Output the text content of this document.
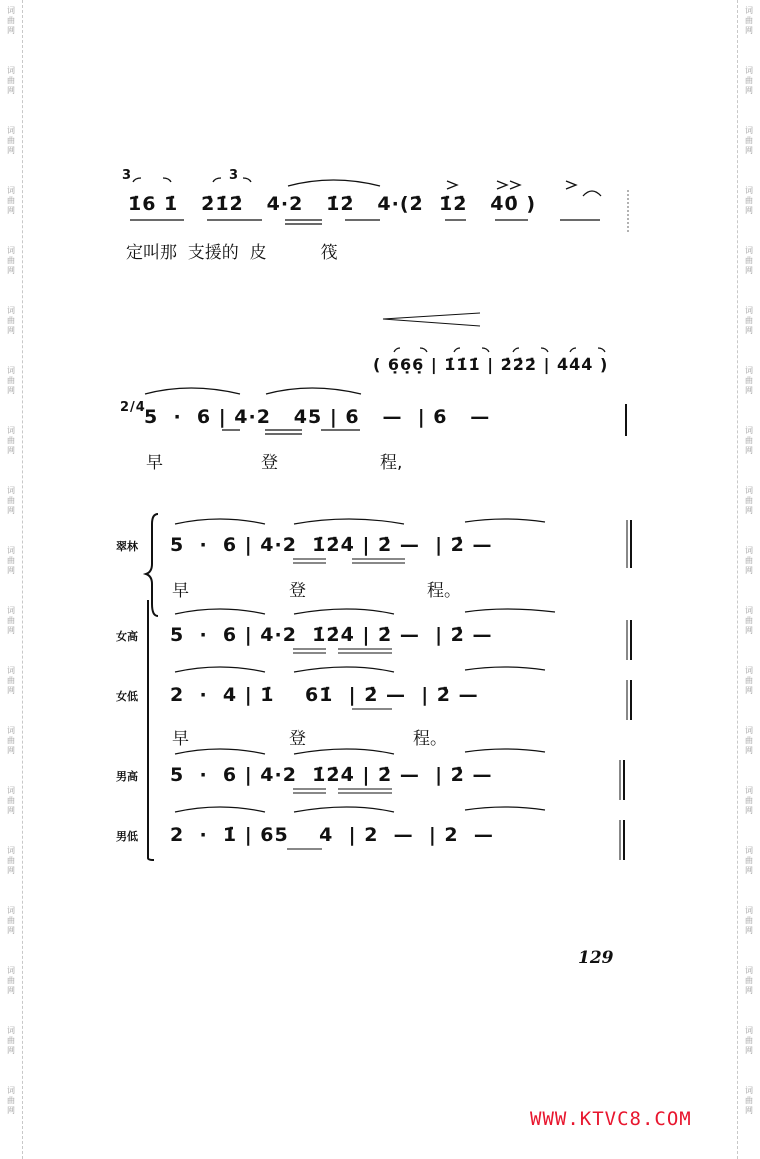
3	3
1̇6 1̇   2̇1̇2̇   4·2   1̇2̇   4·(2̇  1̇2̇   4̇0̇ )
定叫那  支援的  皮          筏
( 6̣6̣6̣ | 1̇1̇1̇ | 2̇2̇2̇ | 4̇4̇4̇ )
2/4
5  ·  6 | 4·2   45 | 6   —  | 6   —
早	登	程,
翠林 5  ·  6 | 4·2  1̇2̇4̇ | 2̇ —  | 2̇ —
早	登	程。
女高 5  ·  6 | 4·2  1̇2̇4̇ | 2̇ —  | 2̇ —
女低 2  ·  4 | 1̇    61̇  | 2̇ —  | 2̇ —
早	登	程。
男高 5  ·  6 | 4·2  1̇2̇4̇ | 2̇ —  | 2̇ —
男低 2  ·  1̇ | 65    4  | 2  —  | 2  —
129
WWW.KTVC8.COM
词
曲
网
词
曲
网
词
曲
网
词
曲
网
词
曲
网
词
曲
网
词
曲
网
词
曲
网
词
曲
网
词
曲
网
词
曲
网
词
曲
网
词
曲
网
词
曲
网
词
曲
网
词
曲
网
词
曲
网
词
曲
网
词
曲
网
词
曲
网
词
曲
网
词
曲
网
词
曲
网
词
曲
网
词
曲
网
词
曲
网
词
曲
网
词
曲
网
词
曲
网
词
曲
网
词
曲
网
词
曲
网
词
曲
网
词
曲
网
词
曲
网
词
曲
网
词
曲
网
词
曲
网
